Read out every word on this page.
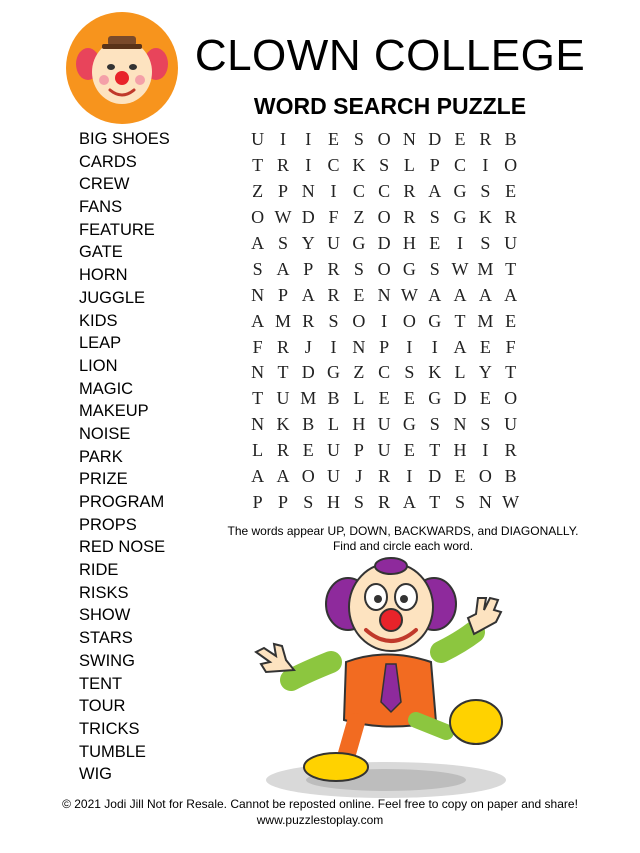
CLOWN COLLEGE
WORD SEARCH PUZZLE
BIG SHOES
CARDS
CREW
FANS
FEATURE
GATE
HORN
JUGGLE
KIDS
LEAP
LION
MAGIC
MAKEUP
NOISE
PARK
PRIZE
PROGRAM
PROPS
RED NOSE
RIDE
RISKS
SHOW
STARS
SWING
TENT
TOUR
TRICKS
TUMBLE
WIG
U	I	I	E	S	O	N	D	E	R	B
T	R	I	C	K	S	L	P	C	I	O
Z	P	N	I	C	C	R	A	G	S	E
O	W	D	F	Z	O	R	S	G	K	R
A	S	Y	U	G	D	H	E	I	S	U
S	A	P	R	S	O	G	S	W	M	T
N	P	A	R	E	N	W	A	A	A	A
A	M	R	S	O	I	O	G	T	M	E
F	R	J	I	N	P	I	I	A	E	F
N	T	D	G	Z	C	S	K	L	Y	T
T	U	M	B	L	E	E	G	D	E	O
N	K	B	L	H	U	G	S	N	S	U
L	R	E	U	P	U	E	T	H	I	R
A	A	O	U	J	R	I	D	E	O	B
P	P	S	H	S	R	A	T	S	N	W

The words appear UP, DOWN, BACKWARDS, and DIAGONALLY.
Find and circle each word.

© 2021 Jodi Jill Not for Resale. Cannot be reposted online. Feel free to copy on paper and share!

www.puzzlestoplay.com
